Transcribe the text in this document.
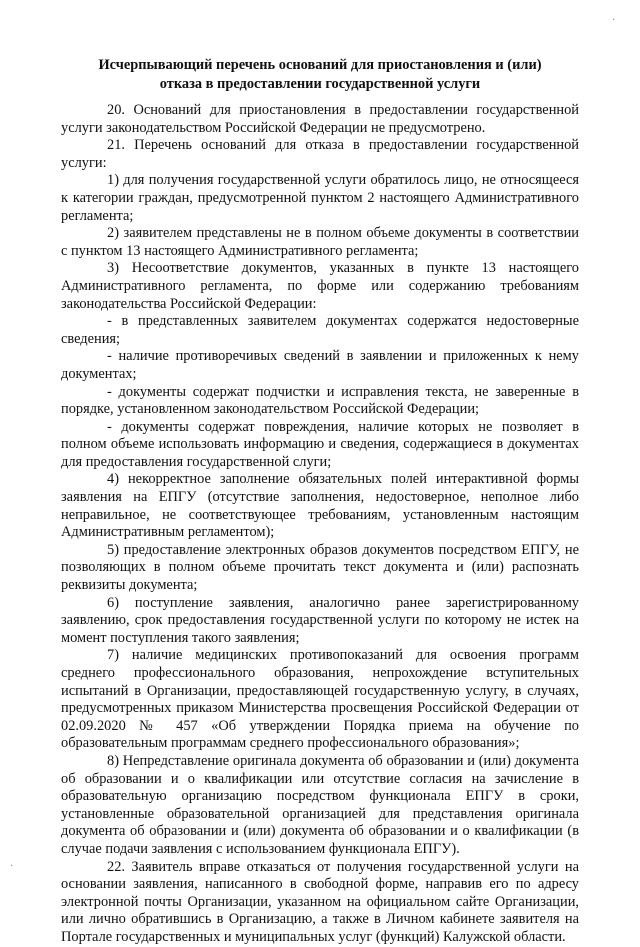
Исчерпывающий перечень оснований для приостановления и (или)
отказа в предоставлении государственной услуги

20. Оснований для приостановления в предоставлении государственной услуги законодательством Российской Федерации не предусмотрено.

21. Перечень оснований для отказа в предоставлении государственной услуги:

1) для получения государственной услуги обратилось лицо, не относящееся к категории граждан, предусмотренной пунктом 2 настоящего Административного регламента;

2) заявителем представлены не в полном объеме документы в соответствии с пунктом 13 настоящего Административного регламента;

3) Несоответствие документов, указанных в пункте 13 настоящего Административного регламента, по форме или содержанию требованиям законодательства Российской Федерации:

- в представленных заявителем документах содержатся недостоверные сведения;

- наличие противоречивых сведений в заявлении и приложенных к нему документах;

- документы содержат подчистки и исправления текста, не заверенные в порядке, установленном законодательством Российской Федерации;

- документы содержат повреждения, наличие которых не позволяет в полном объеме использовать информацию и сведения, содержащиеся в документах для предоставления государственной слуги;

4) некорректное заполнение обязательных полей интерактивной формы заявления на ЕПГУ (отсутствие заполнения, недостоверное, неполное либо неправильное, не соответствующее требованиям, установленным настоящим Административным регламентом);

5) предоставление электронных образов документов посредством ЕПГУ, не позволяющих в полном объеме прочитать текст документа и (или) распознать реквизиты документа;

6) поступление заявления, аналогично ранее зарегистрированному заявлению, срок предоставления государственной услуги по которому не истек на момент поступления такого заявления;

7) наличие медицинских противопоказаний для освоения программ среднего профессионального образования, непрохождение вступительных испытаний в Организации, предоставляющей государственную услугу, в случаях, предусмотренных приказом Министерства просвещения Российской Федерации от 02.09.2020 № 457 «Об утверждении Порядка приема на обучение по образовательным программам среднего профессионального образования»;

8) Непредставление оригинала документа об образовании и (или) документа об образовании и о квалификации или отсутствие согласия на зачисление в образовательную организацию посредством функционала ЕПГУ в сроки, установленные образовательной организацией для представления оригинала документа об образовании и (или) документа об образовании и о квалификации (в случае подачи заявления с использованием функционала ЕПГУ).

22. Заявитель вправе отказаться от получения государственной услуги на основании заявления, написанного в свободной форме, направив его по адресу электронной почты Организации, указанном на официальном сайте Организации, или лично обратившись в Организацию, а также в Личном кабинете заявителя на Портале государственных и муниципальных услуг (функций) Калужской области.

.
.
